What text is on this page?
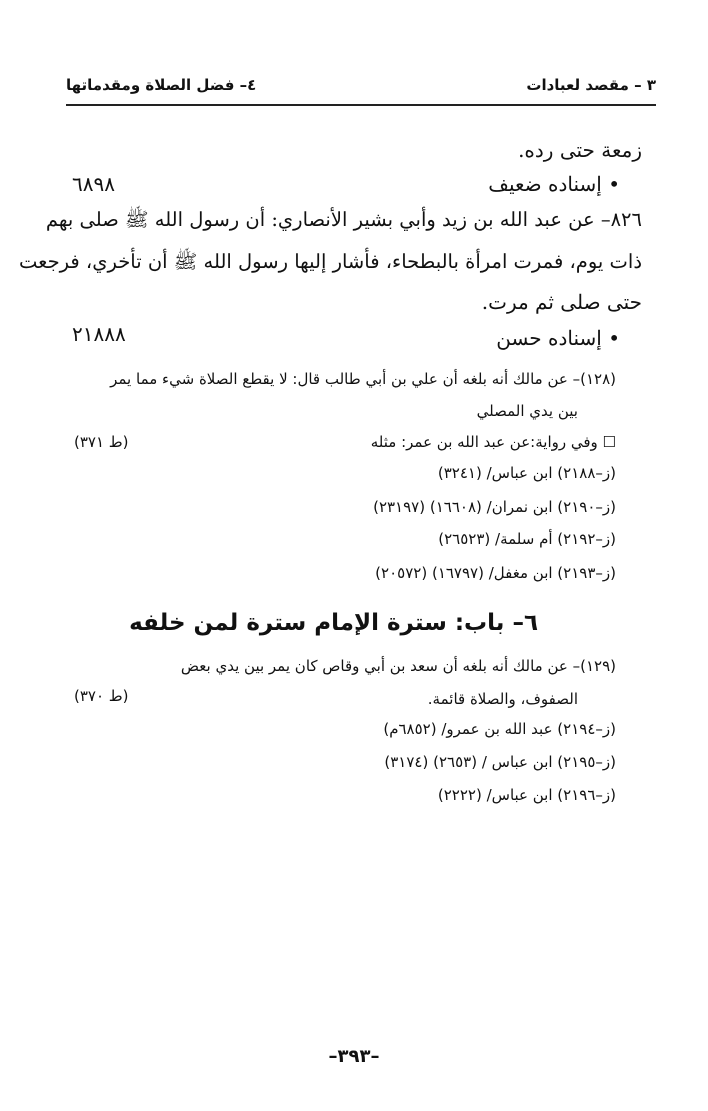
٣ – مقصد لعبادات
٤– فضل الصلاة ومقدماتها
زمعة حتى رده.
• إسناده ضعيف
٦٨٩٨
٨٢٦– عن عبد الله بن زيد وأبي بشير الأنصاري: أن رسول الله ﷺ صلى بهم
ذات يوم، فمرت امرأة بالبطحاء، فأشار إليها رسول الله ﷺ أن تأخري، فرجعت
حتى صلى ثم مرت.
• إسناده حسن
٢١٨٨٨
(١٢٨)– عن مالك أنه بلغه أن علي بن أبي طالب قال: لا يقطع الصلاة شيء مما يمر
بين يدي المصلي
☐ وفي رواية:عن عبد الله بن عمر: مثله
(ط ٣٧١)
(ز–٢١٨٨) ابن عباس/ (٣٢٤١)
(ز–٢١٩٠) ابن نمران/ (١٦٦٠٨) (٢٣١٩٧)
(ز–٢١٩٢) أم سلمة/ (٢٦٥٢٣)
(ز–٢١٩٣) ابن مغفل/ (١٦٧٩٧) (٢٠٥٧٢)
٦– باب: سترة الإمام سترة لمن خلفه
(١٢٩)– عن مالك أنه بلغه أن سعد بن أبي وقاص كان يمر بين يدي بعض
الصفوف، والصلاة قائمة.
(ط ٣٧٠)
(ز–٢١٩٤) عبد الله بن عمرو/ (٦٨٥٢م)
(ز–٢١٩٥) ابن عباس / (٢٦٥٣) (٣١٧٤)
(ز–٢١٩٦) ابن عباس/ (٢٢٢٢)
–٣٩٣–
